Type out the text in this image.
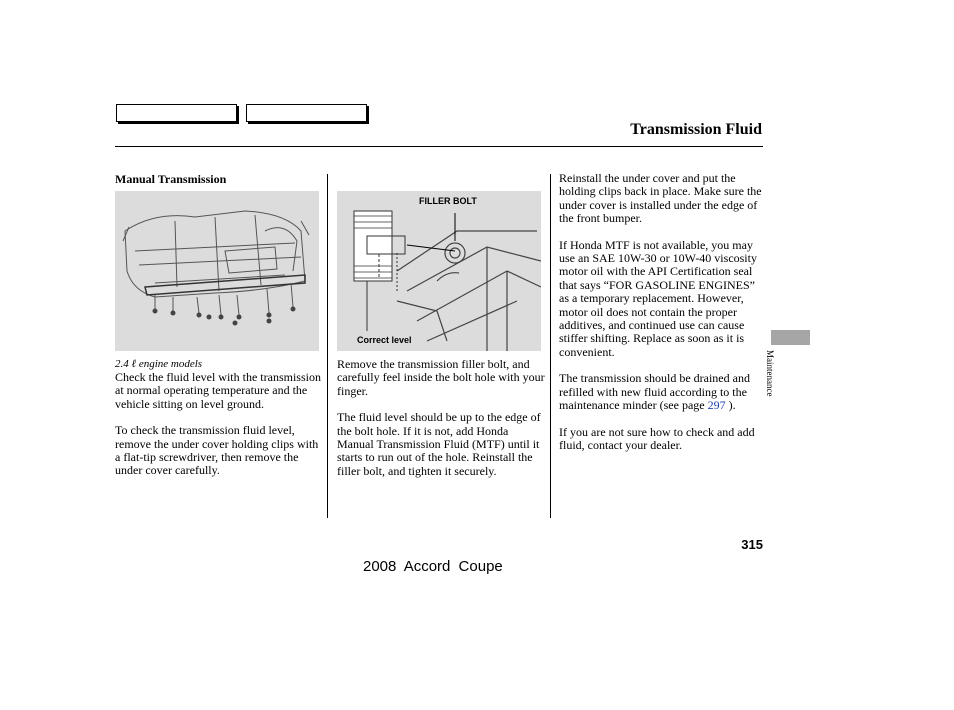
Transmission Fluid
Manual Transmission
2.4 ℓ engine models

Check the fluid level with the transmission at normal operating temperature and the vehicle sitting on level ground.

To check the transmission fluid level, remove the under cover holding clips with a flat-tip screwdriver, then remove the under cover carefully.

FILLER BOLT
Correct level

Remove the transmission filler bolt, and carefully feel inside the bolt hole with your finger.

The fluid level should be up to the edge of the bolt hole. If it is not, add Honda Manual Transmission Fluid (MTF) until it starts to run out of the hole. Reinstall the filler bolt, and tighten it securely.

Reinstall the under cover and put the holding clips back in place. Make sure the under cover is installed under the edge of the front bumper.

If Honda MTF is not available, you may use an SAE 10W-30 or 10W-40 viscosity motor oil with the API Certification seal that says “FOR GASOLINE ENGINES” as a temporary replacement. However, motor oil does not contain the proper additives, and continued use can cause stiffer shifting. Replace as soon as it is convenient.

The transmission should be drained and refilled with new fluid according to the maintenance minder (see page 297 ).

If you are not sure how to check and add fluid, contact your dealer.

Maintenance
315
2008 Accord Coupe
